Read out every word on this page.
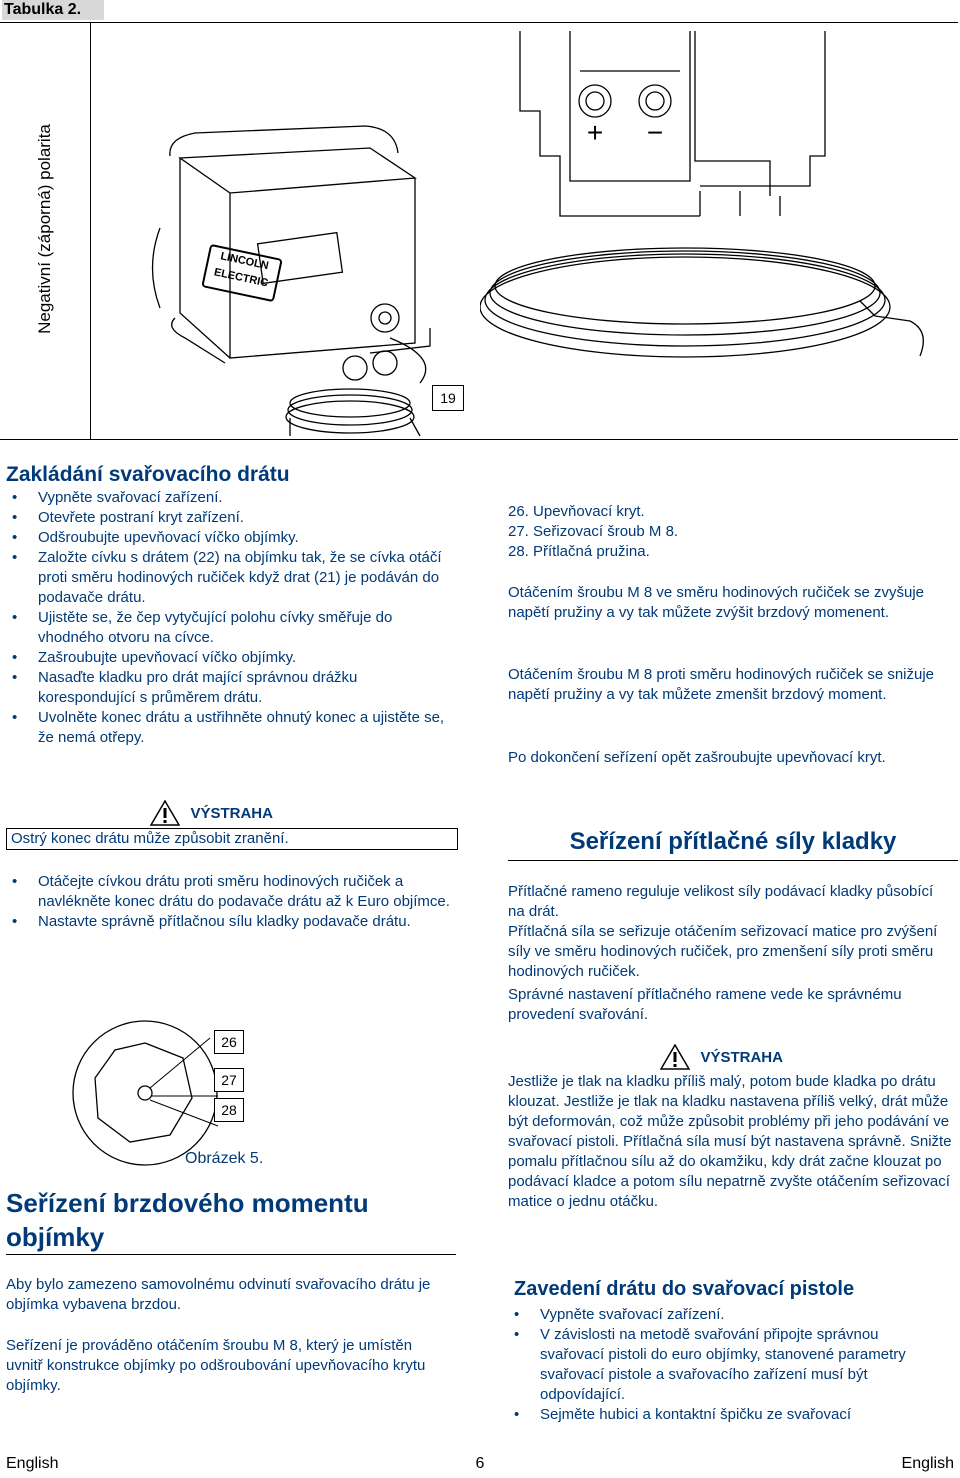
Tabulka 2.
Negativní (záporná) polarita
19
LINCOLN
ELECTRIC
+ −
Zakládání svařovacího drátu
• Vypněte svařovací zařízení.
• Otevřete postraní kryt zařízení.
• Odšroubujte upevňovací víčko objímky.
• Založte cívku s drátem (22) na objímku tak, že se cívka otáčí proti směru hodinových ručiček když drat (21) je podáván do podavače drátu.
• Ujistěte se, že čep vytyčující polohu cívky směřuje do vhodného otvoru na cívce.
• Zašroubujte upevňovací víčko objímky.
• Nasaďte kladku pro drát mající správnou drážku korespondující s průměrem drátu.
• Uvolněte konec drátu a ustřihněte ohnutý konec a ujistěte se, že nemá otřepy.
26. Upevňovací kryt.
27. Seřizovací šroub M 8.
28. Přítlačná pružina.
Otáčením šroubu M 8 ve směru hodinových ručiček se zvyšuje napětí pružiny a vy tak můžete zvýšit brzdový momenent.
Otáčením šroubu M 8 proti směru hodinových ručiček se snižuje napětí pružiny a vy tak můžete zmenšit brzdový moment.
Po dokončení seřízení opět zašroubujte upevňovací kryt.
VÝSTRAHA
Ostrý konec drátu může způsobit zranění.
• Otáčejte cívkou drátu proti směru hodinových ručiček a navlékněte konec drátu do podavače drátu až k Euro objímce.
• Nastavte správně přítlačnou sílu kladky podavače drátu.
26
27
28
Obrázek 5.
Seřízení brzdového momentu objímky
Aby bylo zamezeno samovolnému odvinutí svařovacího drátu je objímka vybavena brzdou.
Seřízení je prováděno otáčením šroubu M 8, který je umístěn uvnitř konstrukce objímky po odšroubování upevňovacího krytu objímky.
Seřízení přítlačné síly kladky
Přítlačné rameno reguluje velikost síly podávací kladky působící na drát.
Přítlačná síla se seřizuje otáčením seřizovací matice pro zvýšení síly ve směru hodinových ručiček, pro zmenšení síly proti směru hodinových ručiček.
Správné nastavení přítlačného ramene vede ke správnému provedení svařování.
VÝSTRAHA
Jestliže je tlak na kladku příliš malý, potom bude kladka po drátu klouzat. Jestliže je tlak na kladku nastavena příliš velký, drát může být deformován, což může způsobit problémy při jeho podávání ve svařovací pistoli. Přítlačná síla musí být nastavena správně. Snižte pomalu přítlačnou sílu až do okamžiku, kdy drát začne klouzat po podávací kladce a potom sílu nepatrně zvyšte otáčením seřizovací matice o jednu otáčku.
Zavedení drátu do svařovací pistole
• Vypněte svařovací zařízení.
• V závislosti na metodě svařování připojte správnou svařovací pistoli do euro objímky, stanovené parametry svařovací pistole a svařovacího zařízení musí být odpovídající.
• Sejměte hubici a kontaktní špičku ze svařovací
English	6	English
